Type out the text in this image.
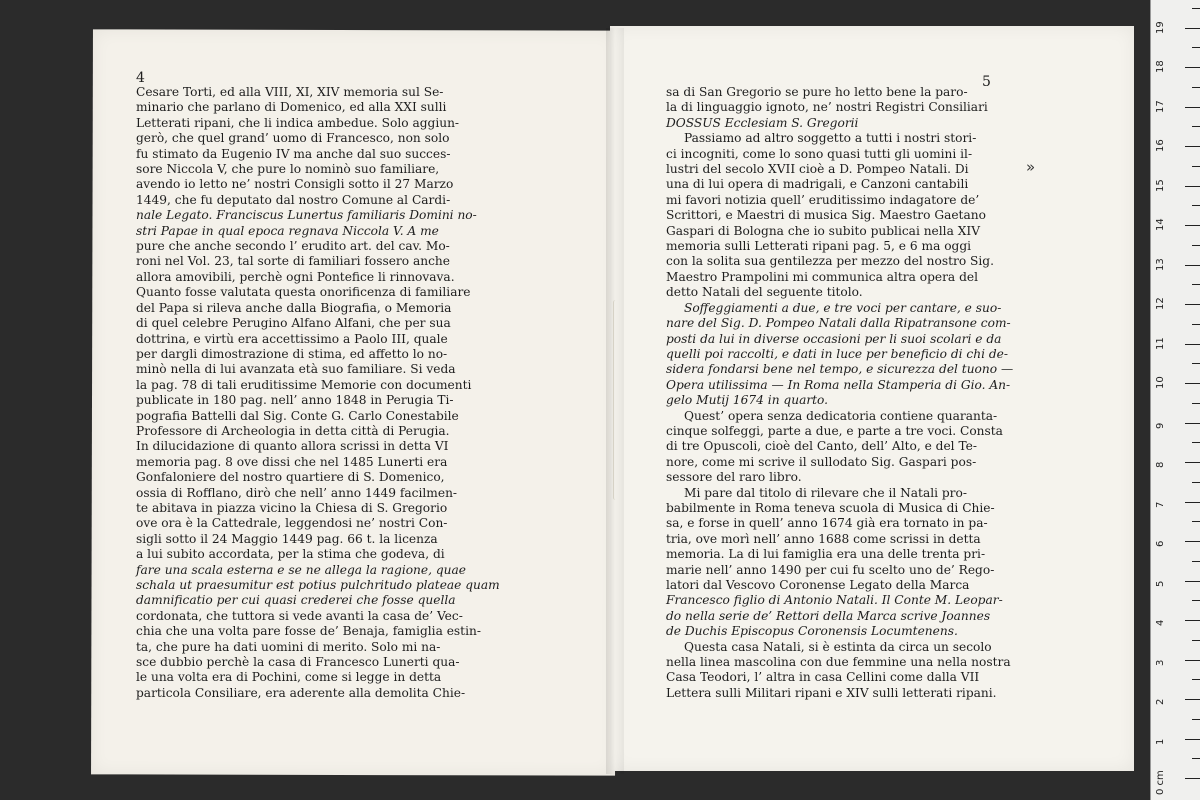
4	5
Cesare Torti, ed alla VIII, XI, XIV memoria sul Se-
minario che parlano di Domenico, ed alla XXI sulli
Letterati ripani, che li indica ambedue. Solo aggiun-
gerò, che quel grand’ uomo di Francesco, non solo
fu stimato da Eugenio IV ma anche dal suo succes-
sore Niccola V, che pure lo nominò suo familiare,
avendo io letto ne’ nostri Consigli sotto il 27 Marzo
1449, che fu deputato dal nostro Comune al Cardi-
nale Legato. Franciscus Lunertus familiaris Domini no-
stri Papae in qual epoca regnava Niccola V. A me
pure che anche secondo l’ erudito art. del cav. Mo-
roni nel Vol. 23, tal sorte di familiari fossero anche
allora amovibili, perchè ogni Pontefice li rinnovava.
Quanto fosse valutata questa onorificenza di familiare
del Papa si rileva anche dalla Biografia, o Memoria
di quel celebre Perugino Alfano Alfani, che per sua
dottrina, e virtù era accettissimo a Paolo III, quale
per dargli dimostrazione di stima, ed affetto lo no-
minò nella di lui avanzata età suo familiare. Si veda
la pag. 78 di tali eruditissime Memorie con documenti
publicate in 180 pag. nell’ anno 1848 in Perugia Ti-
pografia Battelli dal Sig. Conte G. Carlo Conestabile
Professore di Archeologia in detta città di Perugia.
In dilucidazione di quanto allora scrissi in detta VI
memoria pag. 8 ove dissi che nel 1485 Lunerti era
Gonfaloniere del nostro quartiere di S. Domenico,
ossia di Rofflano, dirò che nell’ anno 1449 facilmen-
te abitava in piazza vicino la Chiesa di S. Gregorio
ove ora è la Cattedrale, leggendosi ne’ nostri Con-
sigli sotto il 24 Maggio 1449 pag. 66 t. la licenza
a lui subito accordata, per la stima che godeva, di
fare una scala esterna e se ne allega la ragione, quae
schala ut praesumitur est potius pulchritudo plateae quam
damnificatio per cui quasi crederei che fosse quella
cordonata, che tuttora si vede avanti la casa de’ Vec-
chia che una volta pare fosse de’ Benaja, famiglia estin-
ta, che pure ha dati uomini di merito. Solo mi na-
sce dubbio perchè la casa di Francesco Lunerti qua-
le una volta era di Pochini, come si legge in detta
particola Consiliare, era aderente alla demolita Chie-
sa di San Gregorio se pure ho letto bene la paro-
la di linguaggio ignoto, ne’ nostri Registri Consiliari
DOSSUS Ecclesiam S. Gregorii
Passiamo ad altro soggetto a tutti i nostri stori-
ci incogniti, come lo sono quasi tutti gli uomini il-
lustri del secolo XVII cioè a D. Pompeo Natali. Di
una di lui opera di madrigali, e Canzoni cantabili
mi favori notizia quell’ eruditissimo indagatore de’
Scrittori, e Maestri di musica Sig. Maestro Gaetano
Gaspari di Bologna che io subito publicai nella XIV
memoria sulli Letterati ripani pag. 5, e 6 ma oggi
con la solita sua gentilezza per mezzo del nostro Sig.
Maestro Prampolini mi communica altra opera del
detto Natali del seguente titolo.
Soffeggiamenti a due, e tre voci per cantare, e suo-
nare del Sig. D. Pompeo Natali dalla Ripatransone com-
posti da lui in diverse occasioni per li suoi scolari e da
quelli poi raccolti, e dati in luce per beneficio di chi de-
sidera fondarsi bene nel tempo, e sicurezza del tuono —
Opera utilissima — In Roma nella Stamperia di Gio. An-
gelo Mutij 1674 in quarto.
Quest’ opera senza dedicatoria contiene quaranta-
cinque solfeggi, parte a due, e parte a tre voci. Consta
di tre Opuscoli, cioè del Canto, dell’ Alto, e del Te-
nore, come mi scrive il sullodato Sig. Gaspari pos-
sessore del raro libro.
Mi pare dal titolo di rilevare che il Natali pro-
babilmente in Roma teneva scuola di Musica di Chie-
sa, e forse in quell’ anno 1674 già era tornato in pa-
tria, ove morì nell’ anno 1688 come scrissi in detta
memoria. La di lui famiglia era una delle trenta pri-
marie nell’ anno 1490 per cui fu scelto uno de’ Rego-
latori dal Vescovo Coronense Legato della Marca
Francesco figlio di Antonio Natali. Il Conte M. Leopar-
do nella serie de’ Rettori della Marca scrive Joannes
de Duchis Episcopus Coronensis Locumtenens.
Questa casa Natali, si è estinta da circa un secolo
nella linea mascolina con due femmine una nella nostra
Casa Teodori, l’ altra in casa Cellini come dalla VII
Lettera sulli Militari ripani e XIV sulli letterati ripani.
»
0 cm
1
2
3
4
5
6
7
8
9
10
11
12
13
14
15
16
17
18
19
